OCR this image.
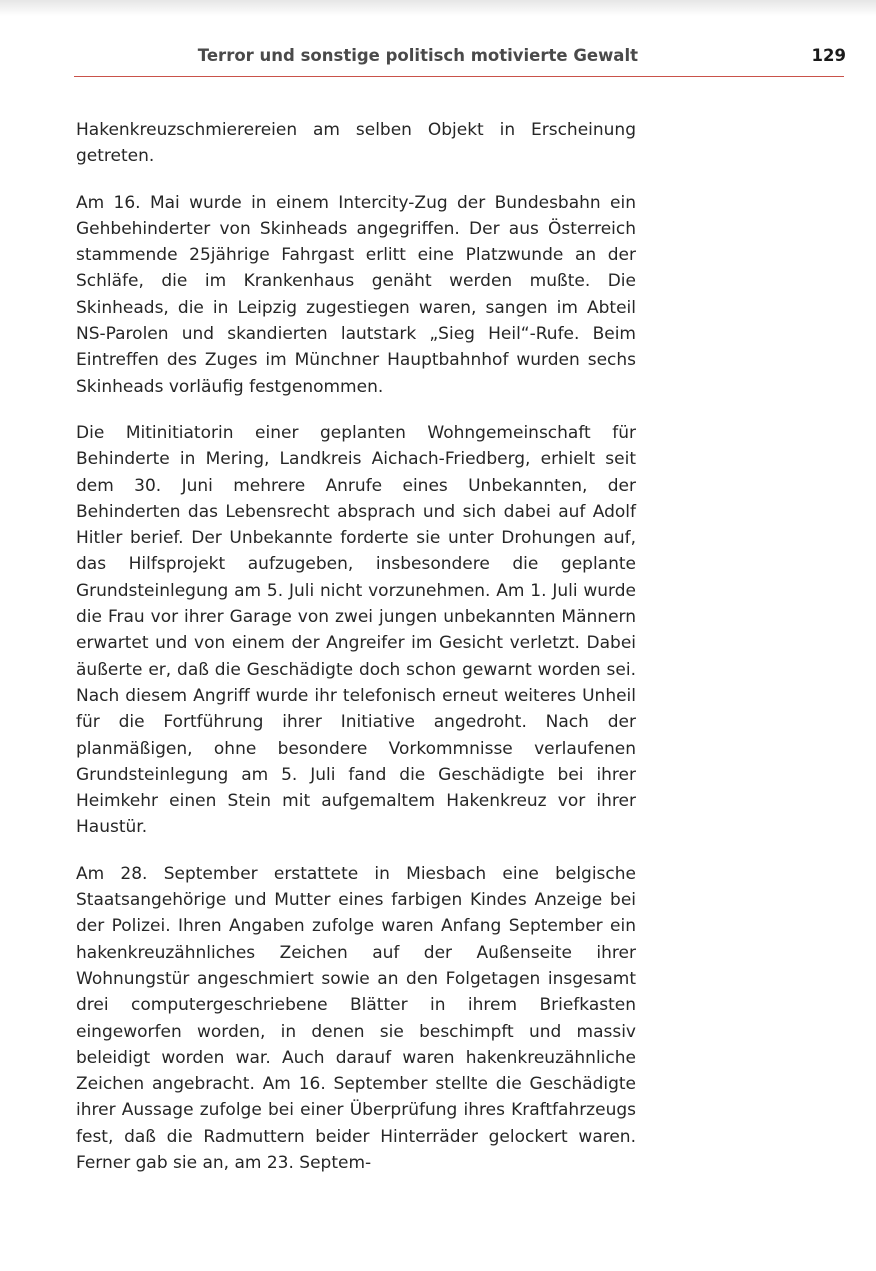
Terror und sonstige politisch motivierte Gewalt	129

Hakenkreuzschmierereien am selben Objekt in Erscheinung getreten.

Am 16. Mai wurde in einem Intercity-Zug der Bundesbahn ein Gehbehinderter von Skinheads angegriffen. Der aus Österreich stammende 25jährige Fahrgast erlitt eine Platzwunde an der Schläfe, die im Krankenhaus genäht werden mußte. Die Skinheads, die in Leipzig zugestiegen waren, sangen im Abteil NS-Parolen und skandierten lautstark „Sieg Heil“-Rufe. Beim Eintreffen des Zuges im Münchner Hauptbahnhof wurden sechs Skinheads vorläufig festgenommen.

Die Mitinitiatorin einer geplanten Wohngemeinschaft für Behinderte in Mering, Landkreis Aichach-Friedberg, erhielt seit dem 30. Juni mehrere Anrufe eines Unbekannten, der Behinderten das Lebensrecht absprach und sich dabei auf Adolf Hitler berief. Der Unbekannte forderte sie unter Drohungen auf, das Hilfsprojekt aufzugeben, insbesondere die geplante Grundsteinlegung am 5. Juli nicht vorzunehmen. Am 1. Juli wurde die Frau vor ihrer Garage von zwei jungen unbekannten Männern erwartet und von einem der Angreifer im Gesicht verletzt. Dabei äußerte er, daß die Geschädigte doch schon gewarnt worden sei. Nach diesem Angriff wurde ihr telefonisch erneut weiteres Unheil für die Fortführung ihrer Initiative angedroht. Nach der planmäßigen, ohne besondere Vorkommnisse verlaufenen Grundsteinlegung am 5. Juli fand die Geschädigte bei ihrer Heimkehr einen Stein mit aufgemaltem Hakenkreuz vor ihrer Haustür.

Am 28. September erstattete in Miesbach eine belgische Staatsangehörige und Mutter eines farbigen Kindes Anzeige bei der Polizei. Ihren Angaben zufolge waren Anfang September ein hakenkreuzähnliches Zeichen auf der Außenseite ihrer Wohnungstür angeschmiert sowie an den Folgetagen insgesamt drei computergeschriebene Blätter in ihrem Briefkasten eingeworfen worden, in denen sie beschimpft und massiv beleidigt worden war. Auch darauf waren hakenkreuzähnliche Zeichen angebracht. Am 16. September stellte die Geschädigte ihrer Aussage zufolge bei einer Überprüfung ihres Kraftfahrzeugs fest, daß die Radmuttern beider Hinterräder gelockert waren. Ferner gab sie an, am 23. Septem-
